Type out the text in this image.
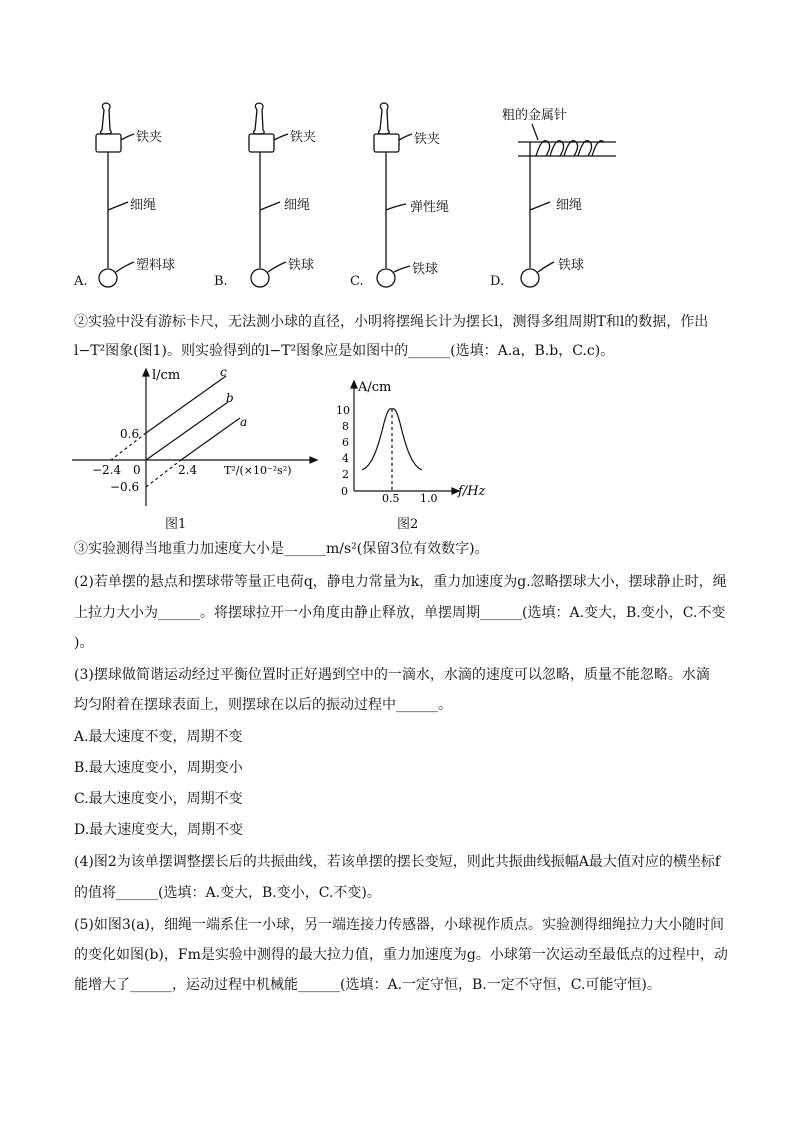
铁夹
细绳
塑料球
A.
铁夹
细绳
铁球
B.
铁夹
弹性绳
铁球
C.
粗的金属针
细绳
铁球
D.
②实验中没有游标卡尺，无法测小球的直径，小明将摆绳长计为摆长l，测得多组周期T和l的数据，作出
l−T²图象(图1)。则实验得到的l−T²图象应是如图中的______(选填：A.a，B.b，C.c)。
l/cm	c
b
a
0.6
−0.6
−2.4 0	2.4 T²/(×10⁻²s²)
图1
A/cm
10
8
6
4
2
0
0.5 1.0 f/Hz
图2
③实验测得当地重力加速度大小是______m/s²(保留3位有效数字)。
(2)若单摆的悬点和摆球带等量正电荷q，静电力常量为k，重力加速度为g.忽略摆球大小，摆球静止时，绳
上拉力大小为______。将摆球拉开一小角度由静止释放，单摆周期______(选填：A.变大，B.变小，C.不变
)。
(3)摆球做简谐运动经过平衡位置时正好遇到空中的一滴水，水滴的速度可以忽略，质量不能忽略。水滴
均匀附着在摆球表面上，则摆球在以后的振动过程中______。
A.最大速度不变，周期不变
B.最大速度变小，周期变小
C.最大速度变小，周期不变
D.最大速度变大，周期不变
(4)图2为该单摆调整摆长后的共振曲线，若该单摆的摆长变短，则此共振曲线振幅A最大值对应的横坐标f
的值将______(选填：A.变大，B.变小，C.不变)。
(5)如图3(a)，细绳一端系住一小球，另一端连接力传感器，小球视作质点。实验测得细绳拉力大小随时间
的变化如图(b)，Fm是实验中测得的最大拉力值，重力加速度为g。小球第一次运动至最低点的过程中，动
能增大了______，运动过程中机械能______(选填：A.一定守恒，B.一定不守恒，C.可能守恒)。
